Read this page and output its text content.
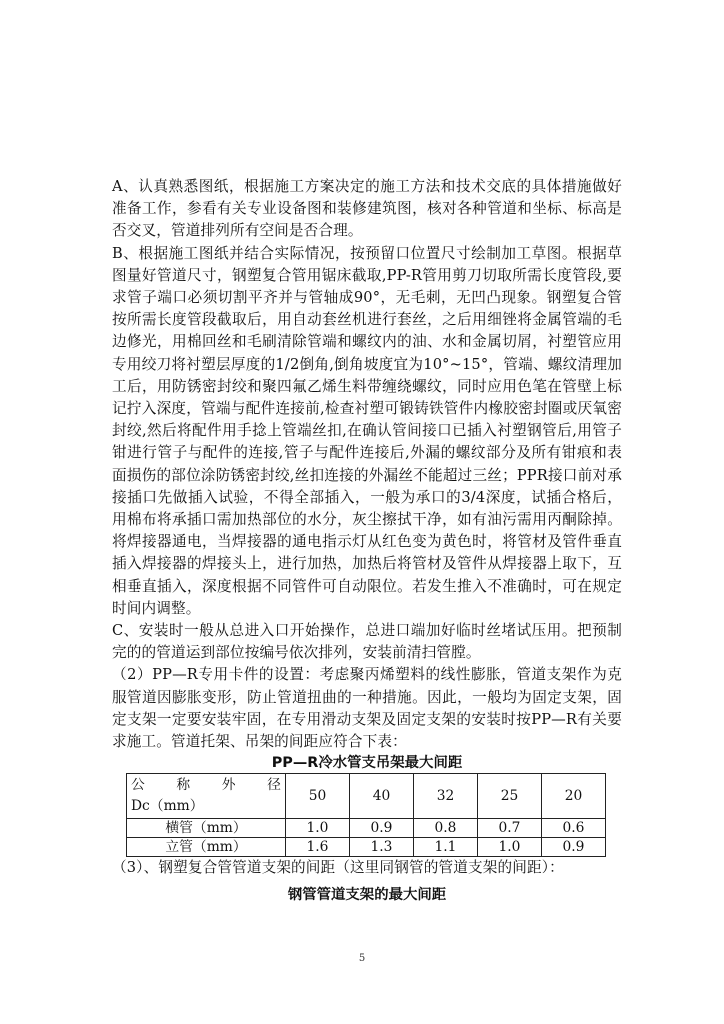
A、认真熟悉图纸，根据施工方案决定的施工方法和技术交底的具体措施做好准备工作，参看有关专业设备图和装修建筑图，核对各种管道和坐标、标高是否交叉，管道排列所有空间是否合理。

B、根据施工图纸并结合实际情况，按预留口位置尺寸绘制加工草图。根据草图量好管道尺寸，钢塑复合管用锯床截取,PP-R管用剪刀切取所需长度管段,要求管子端口必须切割平齐并与管轴成90°，无毛刺，无凹凸现象。钢塑复合管按所需长度管段截取后，用自动套丝机进行套丝，之后用细锉将金属管端的毛边修光，用棉回丝和毛刷清除管端和螺纹内的油、水和金属切屑，衬塑管应用专用绞刀将衬塑层厚度的1/2倒角,倒角坡度宜为10°~15°，管端、螺纹清理加工后，用防锈密封绞和聚四氟乙烯生料带缠绕螺纹，同时应用色笔在管壁上标记拧入深度，管端与配件连接前,检查衬塑可锻铸铁管件内橡胶密封圈或厌氧密封绞,然后将配件用手捻上管端丝扣,在确认管间接口已插入衬塑钢管后,用管子钳进行管子与配件的连接,管子与配件连接后,外漏的螺纹部分及所有钳痕和表面损伤的部位涂防锈密封绞,丝扣连接的外漏丝不能超过三丝；PPR接口前对承接插口先做插入试验，不得全部插入，一般为承口的3/4深度，试插合格后，用棉布将承插口需加热部位的水分，灰尘擦拭干净，如有油污需用丙酮除掉。将焊接器通电，当焊接器的通电指示灯从红色变为黄色时，将管材及管件垂直插入焊接器的焊接头上，进行加热，加热后将管材及管件从焊接器上取下，互相垂直插入，深度根据不同管件可自动限位。若发生推入不准确时，可在规定时间内调整。

C、安装时一般从总进入口开始操作，总进口端加好临时丝堵试压用。把预制完的的管道运到部位按编号依次排列，安装前清扫管膛。

（2）PP—R专用卡件的设置：考虑聚丙烯塑料的线性膨胀，管道支架作为克服管道因膨胀变形，防止管道扭曲的一种措施。因此，一般均为固定支架，固定支架一定要安装牢固，在专用滑动支架及固定支架的安装时按PP—R有关要求施工。管道托架、吊架的间距应符合下表：

PP—R冷水管支吊架最大间距

公 称 外 径
Dc（mm）	50	40	32	25	20
横管（mm）	1.0	0.9	0.8	0.7	0.6
立管（mm）	1.6	1.3	1.1	1.0	0.9

（3）、钢塑复合管管道支架的间距（这里同钢管的管道支架的间距）：

钢管管道支架的最大间距

5
